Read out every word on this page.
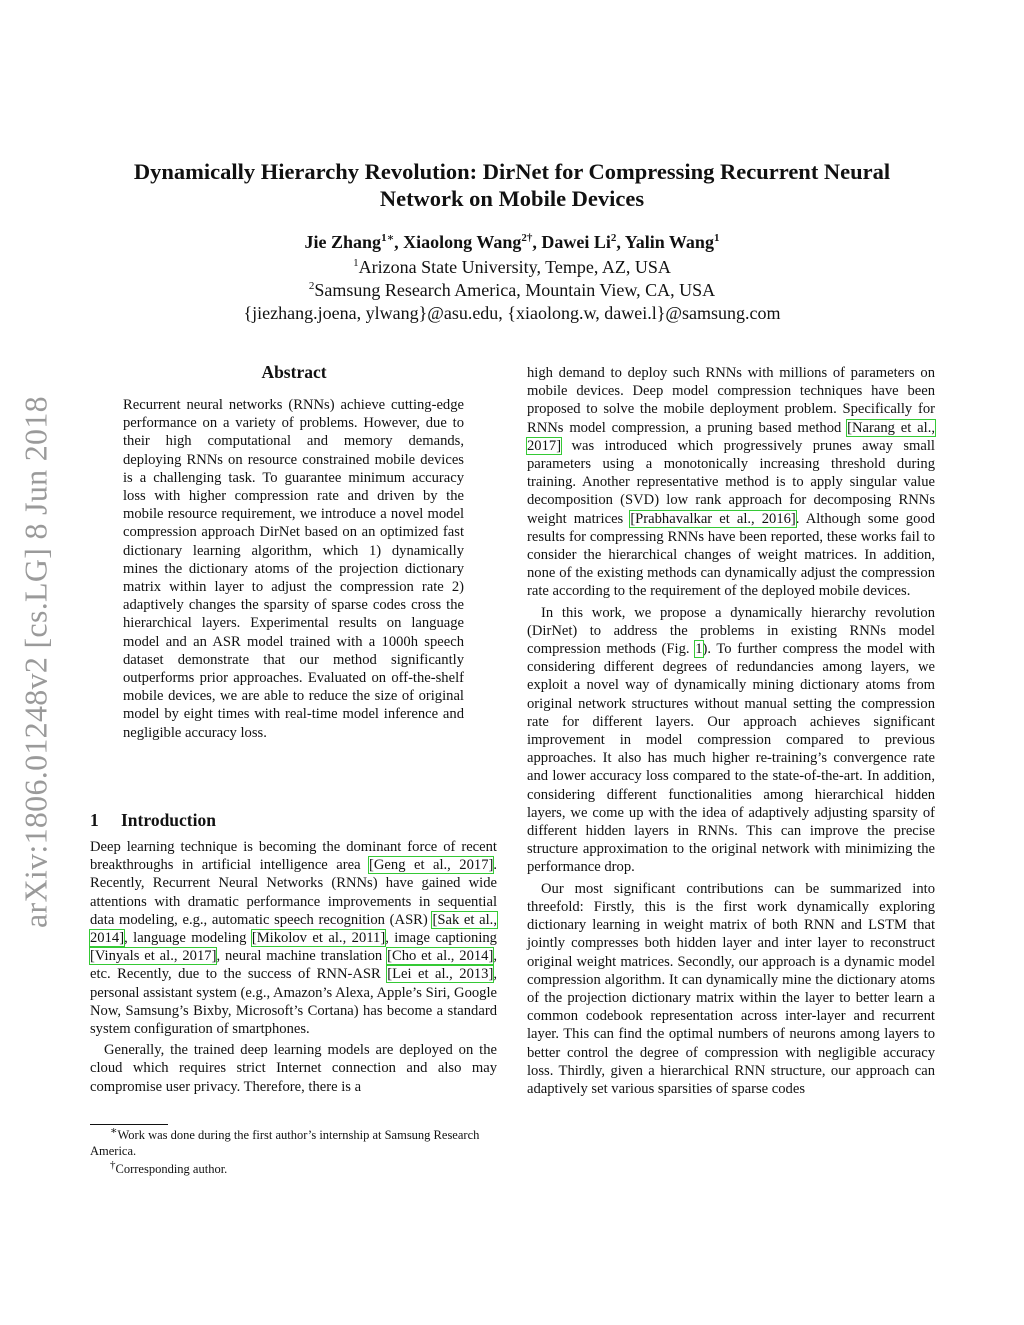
Dynamically Hierarchy Revolution: DirNet for Compressing Recurrent Neural
Network on Mobile Devices
Jie Zhang$^{1∗}$, Xiaolong Wang$^{2\dagger}$, Dawei Li$^2$, Yalin Wang$^1$
$^1$Arizona State University, Tempe, AZ, USA
$^2$Samsung Research America, Mountain View, CA, USA
{jiezhang.joena, ylwang}@asu.edu, {xiaolong.w, dawei.l}@samsung.com
arXiv:1806.01248v2 [cs.LG] 8 Jun 2018
Abstract

Recurrent neural networks (RNNs) achieve cutting-edge performance on a variety of problems. However, due to their high computational and memory demands, deploying RNNs on resource constrained mobile devices is a challenging task. To guarantee minimum accuracy loss with higher compression rate and driven by the mobile resource requirement, we introduce a novel model compression approach DirNet based on an optimized fast dictionary learning algorithm, which 1) dynamically mines the dictionary atoms of the projection dictionary matrix within layer to adjust the compression rate 2) adaptively changes the sparsity of sparse codes cross the hierarchical layers. Experimental results on language model and an ASR model trained with a 1000h speech dataset demonstrate that our method significantly outperforms prior approaches. Evaluated on off-the-shelf mobile devices, we are able to reduce the size of original model by eight times with real-time model inference and negligible accuracy loss.

1 Introduction

Deep learning technique is becoming the dominant force of recent breakthroughs in artificial intelligence area [Geng et al., 2017]. Recently, Recurrent Neural Networks (RNNs) have gained wide attentions with dramatic performance improvements in sequential data modeling, e.g., automatic speech recognition (ASR) [Sak et al., 2014], language modeling [Mikolov et al., 2011], image captioning [Vinyals et al., 2017], neural machine translation [Cho et al., 2014], etc. Recently, due to the success of RNN-ASR [Lei et al., 2013], personal assistant system (e.g., Amazon’s Alexa, Apple’s Siri, Google Now, Samsung’s Bixby, Microsoft’s Cortana) has become a standard system configuration of smartphones.

Generally, the trained deep learning models are deployed on the cloud which requires strict Internet connection and also may compromise user privacy. Therefore, there is a

high demand to deploy such RNNs with millions of parameters on mobile devices. Deep model compression techniques have been proposed to solve the mobile deployment problem. Specifically for RNNs model compression, a pruning based method [Narang et al., 2017] was introduced which progressively prunes away small parameters using a monotonically increasing threshold during training. Another representative method is to apply singular value decomposition (SVD) low rank approach for decomposing RNNs weight matrices [Prabhavalkar et al., 2016]. Although some good results for compressing RNNs have been reported, these works fail to consider the hierarchical changes of weight matrices. In addition, none of the existing methods can dynamically adjust the compression rate according to the requirement of the deployed mobile devices.

In this work, we propose a dynamically hierarchy revolution (DirNet) to address the problems in existing RNNs model compression methods (Fig. 1). To further compress the model with considering different degrees of redundancies among layers, we exploit a novel way of dynamically mining dictionary atoms from original network structures without manual setting the compression rate for different layers. Our approach achieves significant improvement in model compression compared to previous approaches. It also has much higher re-training’s convergence rate and lower accuracy loss compared to the state-of-the-art. In addition, considering different functionalities among hierarchical hidden layers, we come up with the idea of adaptively adjusting sparsity of different hidden layers in RNNs. This can improve the precise structure approximation to the original network with minimizing the performance drop.

Our most significant contributions can be summarized into threefold: Firstly, this is the first work dynamically exploring dictionary learning in weight matrix of both RNN and LSTM that jointly compresses both hidden layer and inter layer to reconstruct original weight matrices. Secondly, our approach is a dynamic model compression algorithm. It can dynamically mine the dictionary atoms of the projection dictionary matrix within the layer to better learn a common codebook representation across inter-layer and recurrent layer. This can find the optimal numbers of neurons among layers to better control the degree of compression with negligible accuracy loss. Thirdly, given a hierarchical RNN structure, our approach can adaptively set various sparsities of sparse codes

∗Work was done during the first author’s internship at Samsung Research America.
†Corresponding author.
